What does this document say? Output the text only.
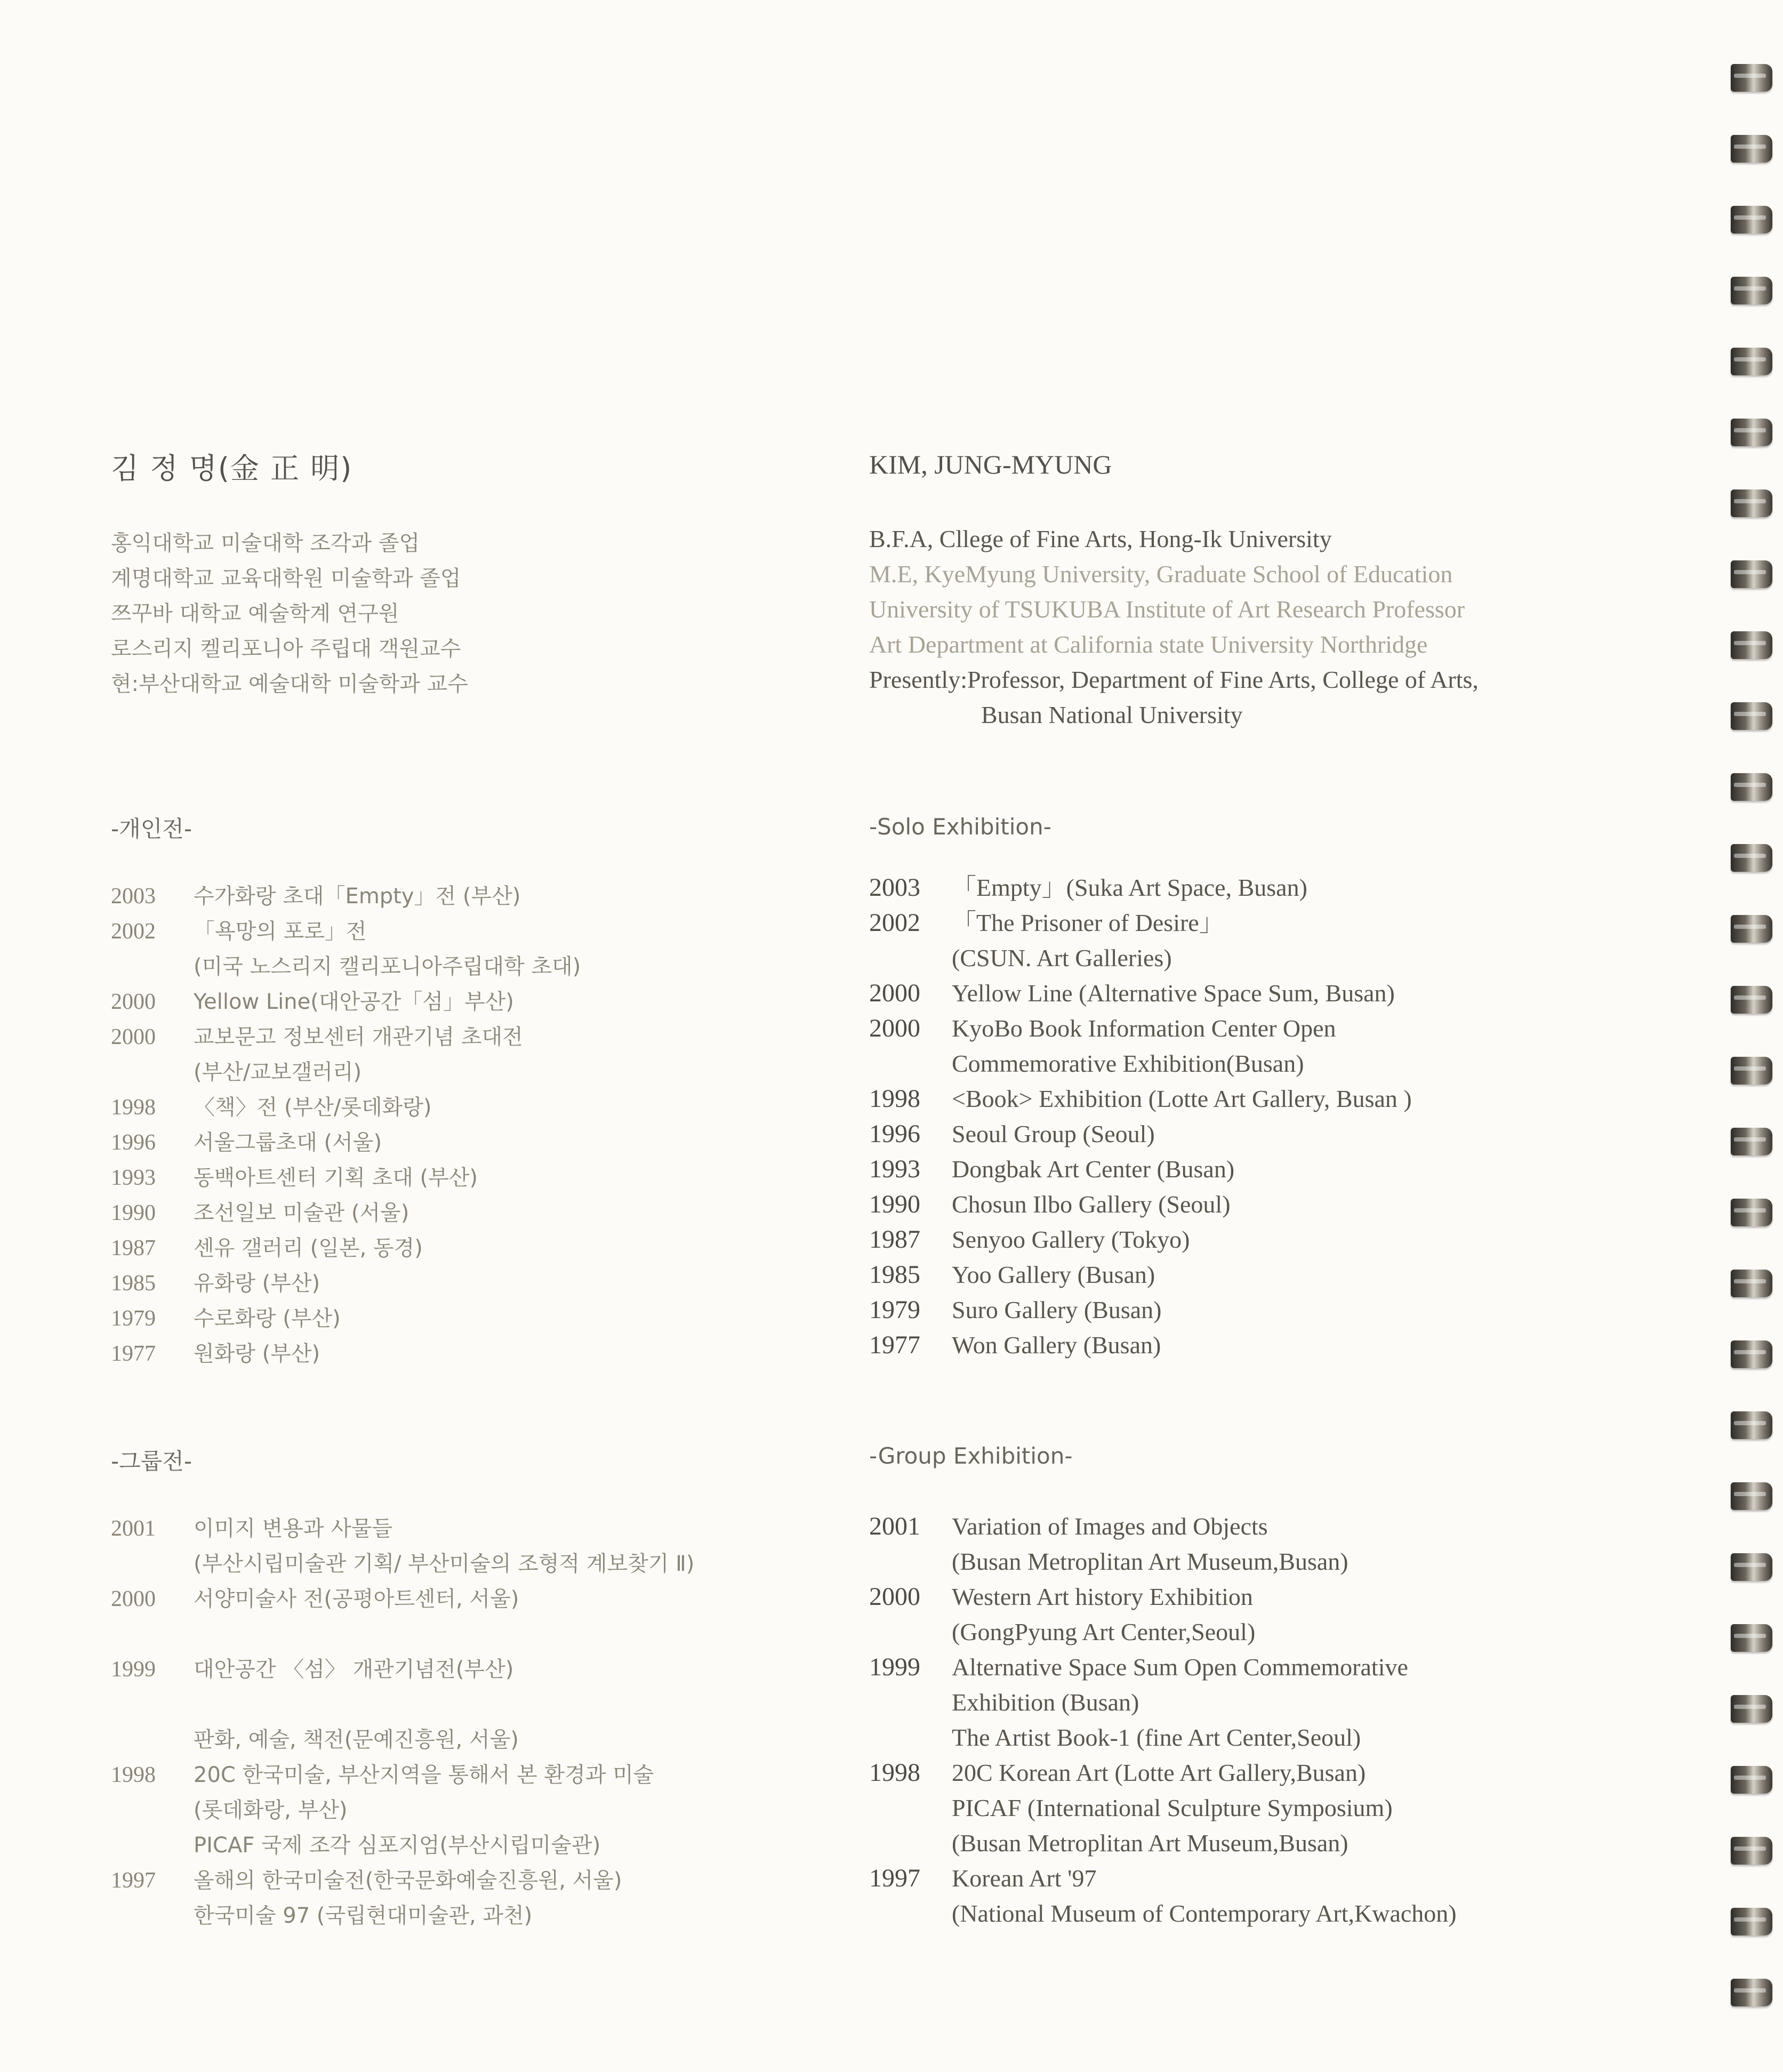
김 정 명(金 正 明)
홍익대학교 미술대학 조각과 졸업
계명대학교 교육대학원 미술학과 졸업
쯔꾸바 대학교 예술학계 연구원
로스리지 켈리포니아 주립대 객원교수
현:부산대학교 예술대학 미술학과 교수
-개인전-
2003 수가화랑 초대「Empty」전 (부산)
2002 「욕망의 포로」전
(미국 노스리지 캘리포니아주립대학 초대)
2000 Yellow Line(대안공간「섬」부산)
2000 교보문고 정보센터 개관기념 초대전
(부산/교보갤러리)
1998 〈책〉전 (부산/롯데화랑)
1996 서울그룹초대 (서울)
1993 동백아트센터 기획 초대 (부산)
1990 조선일보 미술관 (서울)
1987 센유 갤러리 (일본, 동경)
1985 유화랑 (부산)
1979 수로화랑 (부산)
1977 원화랑 (부산)
-그룹전-
2001 이미지 변용과 사물들
(부산시립미술관 기획/ 부산미술의 조형적 계보찾기 Ⅱ)
2000 서양미술사 전(공평아트센터, 서울)
1999 대안공간 〈섬〉 개관기념전(부산)
판화, 예술, 책전(문예진흥원, 서울)
1998 20C 한국미술, 부산지역을 통해서 본 환경과 미술
(롯데화랑, 부산)
PICAF 국제 조각 심포지엄(부산시립미술관)
1997 올해의 한국미술전(한국문화예술진흥원, 서울)
한국미술 97 (국립현대미술관, 과천)
KIM, JUNG-MYUNG
B.F.A, Cllege of Fine Arts, Hong-Ik University
M.E, KyeMyung University, Graduate School of Education
University of TSUKUBA Institute of Art Research Professor
Art Department at California state University Northridge
Presently:Professor, Department of Fine Arts, College of Arts,
Busan National University
-Solo Exhibition-
2003 「Empty」(Suka Art Space, Busan)
2002 「The Prisoner of Desire」
(CSUN. Art Galleries)
2000 Yellow Line (Alternative Space Sum, Busan)
2000 KyoBo Book Information Center Open
Commemorative Exhibition(Busan)
1998 <Book> Exhibition (Lotte Art Gallery, Busan )
1996 Seoul Group (Seoul)
1993 Dongbak Art Center (Busan)
1990 Chosun Ilbo Gallery (Seoul)
1987 Senyoo Gallery (Tokyo)
1985 Yoo Gallery (Busan)
1979 Suro Gallery (Busan)
1977 Won Gallery (Busan)
-Group Exhibition-
2001 Variation of Images and Objects
(Busan Metroplitan Art Museum,Busan)
2000 Western Art history Exhibition
(GongPyung Art Center,Seoul)
1999 Alternative Space Sum Open Commemorative
Exhibition (Busan)
The Artist Book-1 (fine Art Center,Seoul)
1998 20C Korean Art (Lotte Art Gallery,Busan)
PICAF (International Sculpture Symposium)
(Busan Metroplitan Art Museum,Busan)
1997 Korean Art '97
(National Museum of Contemporary Art,Kwachon)
